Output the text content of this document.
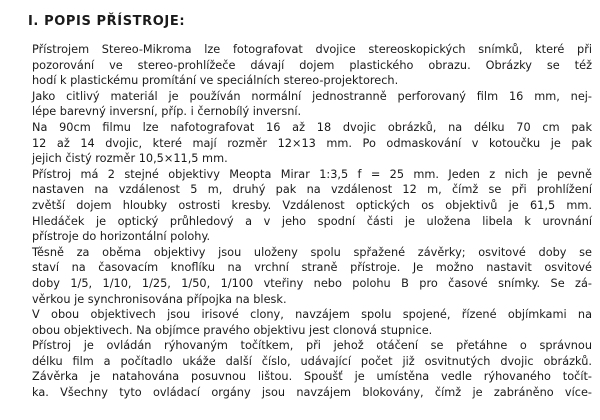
I. POPIS PŘÍSTROJE:
Přístrojem Stereo-Mikroma lze fotografovat dvojice stereoskopických snímků, které při
pozorování ve stereo-prohlížeče dávají dojem plastického obrazu. Obrázky se též
hodí k plastickému promítání ve speciálních stereo-projektorech.
Jako citlivý materiál je používán normální jednostranně perforovaný film 16 mm, nej-
lépe barevný inversní, příp. i černobílý inversní.
Na 90cm filmu lze nafotografovat 16 až 18 dvojic obrázků, na délku 70 cm pak
12 až 14 dvojic, které mají rozměr 12×13 mm. Po odmaskování v kotoučku je pak
jejich čistý rozměr 10,5×11,5 mm.
Přístroj má 2 stejné objektivy Meopta Mirar 1:3,5 f = 25 mm. Jeden z nich je pevně
nastaven na vzdálenost 5 m, druhý pak na vzdálenost 12 m, čímž se při prohlížení
zvětší dojem hloubky ostrosti kresby. Vzdálenost optických os objektivů je 61,5 mm.
Hledáček je optický průhledový a v jeho spodní části je uložena libela k urovnání
přístroje do horizontální polohy.
Těsně za oběma objektivy jsou uloženy spolu spřažené závěrky; osvitové doby se
staví na časovacím knoflíku na vrchní straně přístroje. Je možno nastavit osvitové
doby 1/5, 1/10, 1/25, 1/50, 1/100 vteřiny nebo polohu B pro časové snímky. Se zá-
věrkou je synchronisována přípojka na blesk.
V obou objektivech jsou irisové clony, navzájem spolu spojené, řízené objímkami na
obou objektivech. Na objímce pravého objektivu jest clonová stupnice.
Přístroj je ovládán rýhovaným točítkem, při jehož otáčení se přetáhne o správnou
délku film a počítadlo ukáže další číslo, udávající počet již osvitnutých dvojic obrázků.
Závěrka je natahována posuvnou lištou. Spoušť je umístěna vedle rýhovaného točít-
ka. Všechny tyto ovládací orgány jsou navzájem blokovány, čímž je zabráněno více-
